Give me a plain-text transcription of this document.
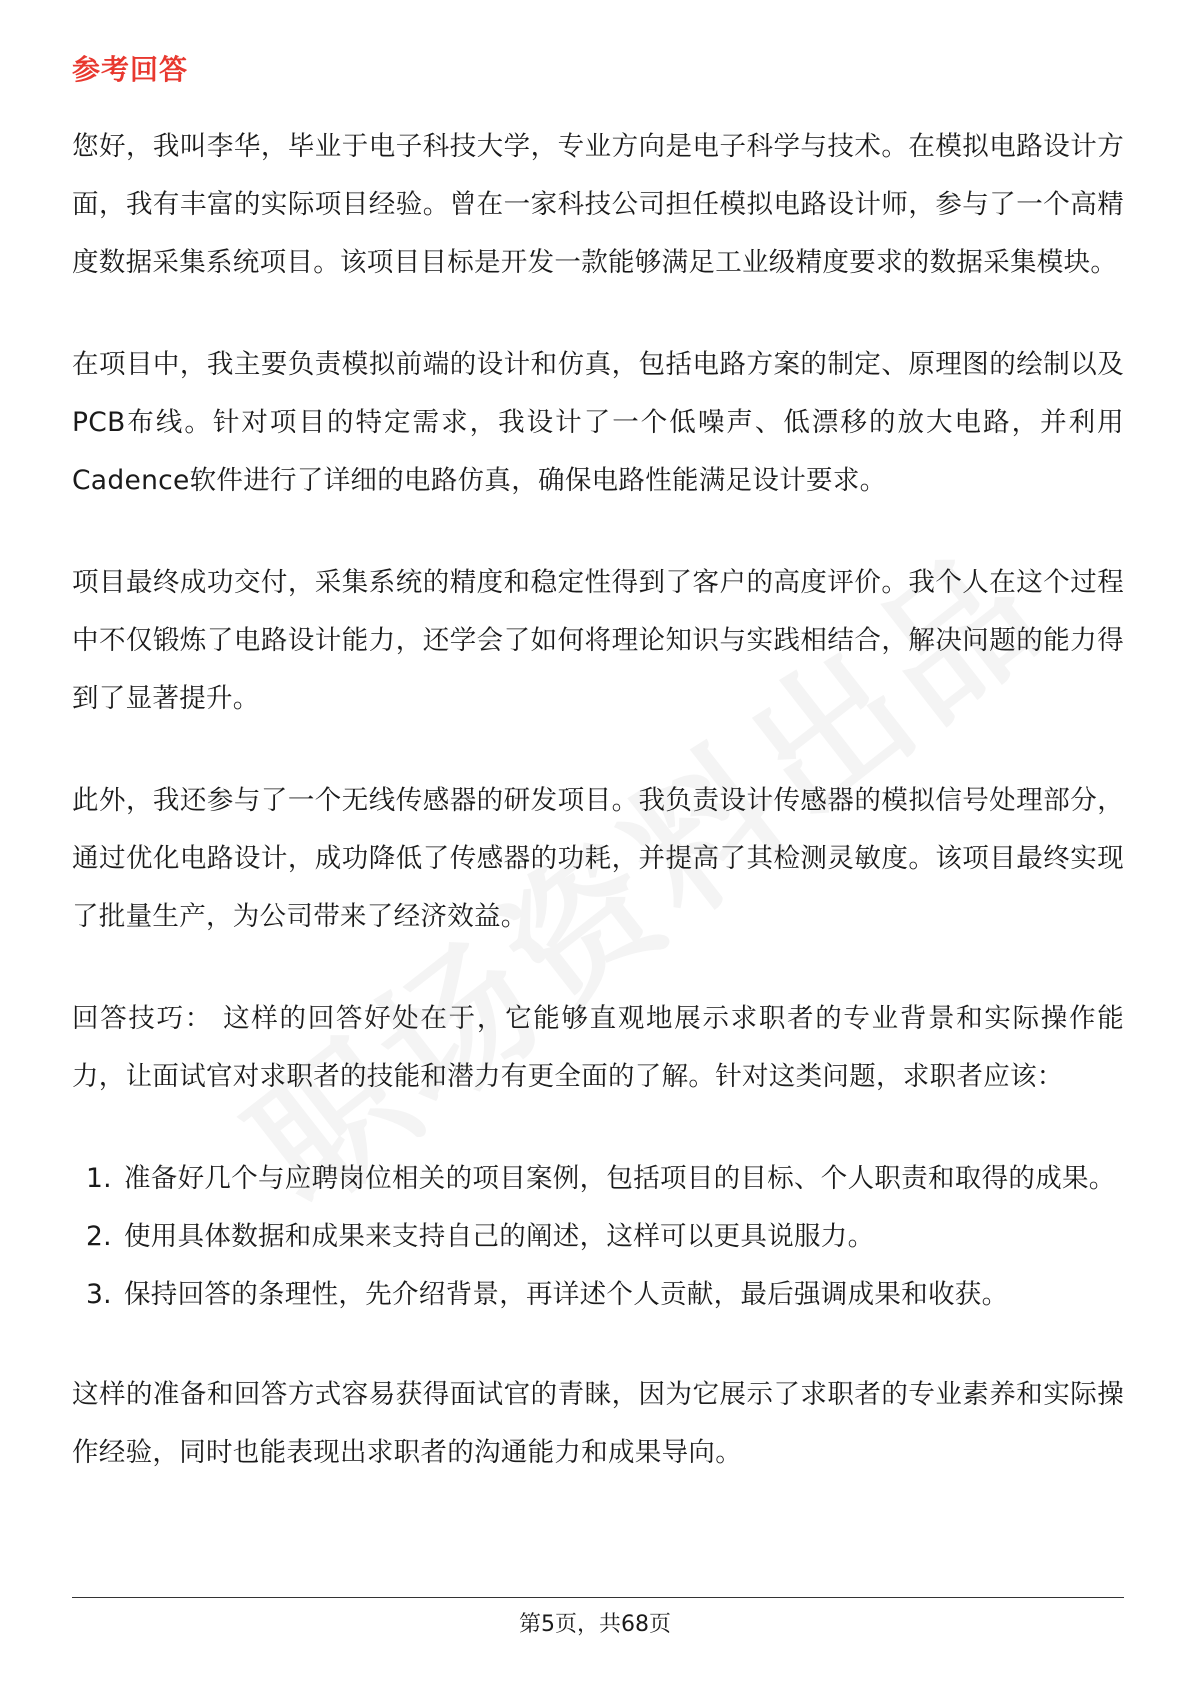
参考回答

您好，我叫李华，毕业于电子科技大学，专业方向是电子科学与技术。在模拟电路设计方面，我有丰富的实际项目经验。曾在一家科技公司担任模拟电路设计师，参与了一个高精度数据采集系统项目。该项目目标是开发一款能够满足工业级精度要求的数据采集模块。

在项目中，我主要负责模拟前端的设计和仿真，包括电路方案的制定、原理图的绘制以及PCB布线。针对项目的特定需求，我设计了一个低噪声、低漂移的放大电路，并利用Cadence软件进行了详细的电路仿真，确保电路性能满足设计要求。

项目最终成功交付，采集系统的精度和稳定性得到了客户的高度评价。我个人在这个过程中不仅锻炼了电路设计能力，还学会了如何将理论知识与实践相结合，解决问题的能力得到了显著提升。

此外，我还参与了一个无线传感器的研发项目。我负责设计传感器的模拟信号处理部分，通过优化电路设计，成功降低了传感器的功耗，并提高了其检测灵敏度。该项目最终实现了批量生产，为公司带来了经济效益。

回答技巧： 这样的回答好处在于，它能够直观地展示求职者的专业背景和实际操作能力，让面试官对求职者的技能和潜力有更全面的了解。针对这类问题，求职者应该：

1. 准备好几个与应聘岗位相关的项目案例，包括项目的目标、个人职责和取得的成果。
2. 使用具体数据和成果来支持自己的阐述，这样可以更具说服力。
3. 保持回答的条理性，先介绍背景，再详述个人贡献，最后强调成果和收获。

这样的准备和回答方式容易获得面试官的青睐，因为它展示了求职者的专业素养和实际操作经验，同时也能表现出求职者的沟通能力和成果导向。

第5页，共68页
